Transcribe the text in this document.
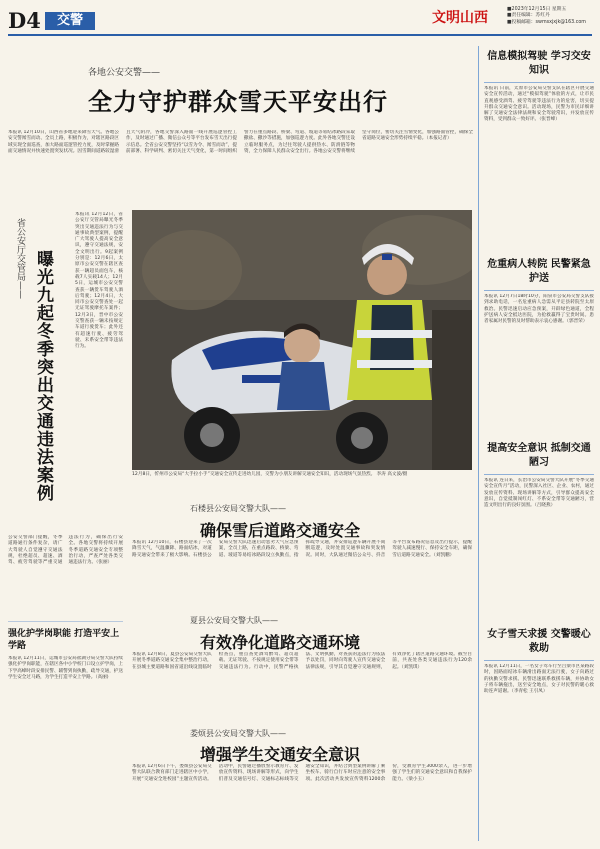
D4	交警	文明山西
■2023年12月15日 星期五
■责任编辑：苏红丹
■投稿邮箱：swmsxjxjk@163.com
各地公安交警——
全力守护群众雪天平安出行
本报讯 12月10日，山西省多地迎来降雪天气。各地公安交警闻雪而动、全员上路，积极作为，对辖区路段区域实现全面巡查，加大路面巡逻管控力度，及时掌握路面交通情况并快速处置突发状况。因雪期间道路较湿滑且天气阴冷，各地交警深入路面一线开展巡逻管控工作，及时通过广播、微信公众号等平台发布雪天出行提示信息。全省公安交警坚持“以雪为令、闻雪而动”，提前部署、科学研判、密切关注天气变化，第一时间组织警力在重点路段、桥梁、弯道、坡道等易结冰路段采取撒盐、撒沙等措施，加强巡逻力度。此外各地交警还设立临时服务点，为过往驾驶人提供热水、防滑链等物资，全力保障人民群众安全出行。各地公安交警将继续坚守岗位，密切关注雪情变化，加强路面管控，确保全省道路交通安全形势持续平稳。（本报记者）
省公安厅交管局—— 曝光九起冬季突出交通违法案例
本报讯 12月12日，省公安厅交管局曝光冬季突出交通违法行为与交通事故典型案例，提醒广大驾驶人提高安全意识，遵守交通法规，安全文明出行。9起案例分别是：12月6日，太原市公安交警在辖区查获一辆超员面包车，核载7人实载14人；12月5日，运城市公安交警查获一辆货车驾驶人酒后驾驶；12月4日，大同市公安交警查处一起无证驾驶摩托车案件；12月3日，晋中市公安交警查获一辆未按规定车道行驶货车；此外还有超速行驶、疲劳驾驶、未系安全带等违法行为。
公安交警部门提醒，冬季道路通行条件复杂，请广大驾驶人自觉遵守交通法规，杜绝超员、超速、酒驾、疲劳驾驶等严重交通违法行为，确保出行安全。各地交警将持续开展冬季道路交通安全专项整治行动，严查严处各类交通违法行为。（张丽）
12月8日，忻州市公安局“大手拉小手”交通安全宣传走进幼儿园，交警为小朋友讲解交通安全知识，活动现场气氛热烈。 李涛 高文波/摄
石楼县公安局交警大队——
确保雪后道路交通安全
本报讯 12月10日，石楼县迎来了一次降雪天气，气温骤降、路面结冰，对道路交通安全带来了极大影响。石楼县公安局交警大队迅速启动恶劣天气应急预案，全员上路，在重点路段、桥梁、弯道、坡道等易结冰路段设立执勤点，指挥疏导交通，并安排巡逻车辆开展不间断巡逻，及时处置交通事故和突发情况。同时，大队通过微信公众号、抖音等平台发布路况信息及出行提示，提醒驾驶人减速慢行、保持安全车距，确保雪后道路交通安全。（刘凯鹏）
夏县公安局交警大队——
有效净化道路交通环境
本报讯 12月8日，夏县公安局交警大队开展冬季道路交通安全集中整治行动，在县城主要道路和国省道沿线设置临时检查点，重点查处酒驾醉驾、超员超载、无证驾驶、不按规定使用安全带等交通违法行为。行动中，民警严格执法、文明执勤，对查获的违法行为依法予以处罚，同时向驾驶人宣传交通安全法律法规，引导其自觉遵守交通规则，有效净化了辖区道路交通环境。截至目前，共查处各类交通违法行为120余起。（刘凯琪）
娄烦县公安局交警大队——
增强学生交通安全意识
本报讯 12月6日下午，娄烦县公安局交警大队联合教育部门走进辖区中小学，开展“交通安全进校园”主题宣传活动。活动中，民警通过播放警示教育片、发放宣传资料、现场讲解等形式，向学生们普及交通信号灯、交通标志标线等交通安全知识，并结合典型案例讲解了乘坐校车、骑行自行车时应注意的安全事项。此次活动共发放宣传资料1200余份，受教育学生3000余人，进一步增强了学生们的交通安全意识和自我保护能力。（梁小玉）
强化护学岗职能 打造平安上学路
本报讯 12月11日，运城市公安局盐湖分局交警大队持续强化护学岗职能，在辖区各中小学校门口设立护学岗，上下学高峰时段安排民警、辅警到岗执勤，疏导交通，护送学生安全过马路，为学生打造平安上学路。（高丽)
信息模拟驾驶 学习交安知识
本报讯 日前，太原市公安局交警支队在辖区开展交通安全宣传活动，通过“模拟驾驶”体验的方式，让市民直观感受酒驾、疲劳驾驶等违法行为的危害，切实提升群众交通安全意识。活动现场，民警为市民详细讲解了交通安全法律法规和安全驾驶常识，并发放宣传资料，受到群众一致好评。（张晋峰）
危重病人转院 民警紧急护送
本报讯 12月7日18时10分，阳泉市公安局交警支队接到求助电话，一名危重病人急需从平定县转院至太原救治。民警迅速启动应急预案，开辟绿色通道，全程护送病人安全抵达医院，为抢救赢得了宝贵时间。患者家属对民警的及时帮助表示衷心感谢。（郭晋荣）
提高安全意识 抵制交通陋习
本报讯 连日来，长治市公安局交警大队开展“冬季交通安全宣传月”活动，民警深入社区、企业、农村，通过发放宣传资料、现场讲解等方式，引导群众提高安全意识，自觉抵制闯红灯、不系安全带等交通陋习，营造文明出行的良好氛围。（吕晓燕）
女子雪天求援 交警暖心救助
本报讯 12月11日，一名女子驾车行至吕梁市区某路段时，因路面结冰车辆滑出路面无法行驶，女子向路过的执勤交警求援。民警迅速联系救援车辆，并协助女子将车辆拖出，送至安全地点，女子对民警的暖心救助连声道谢。（李青松 王引凤）
